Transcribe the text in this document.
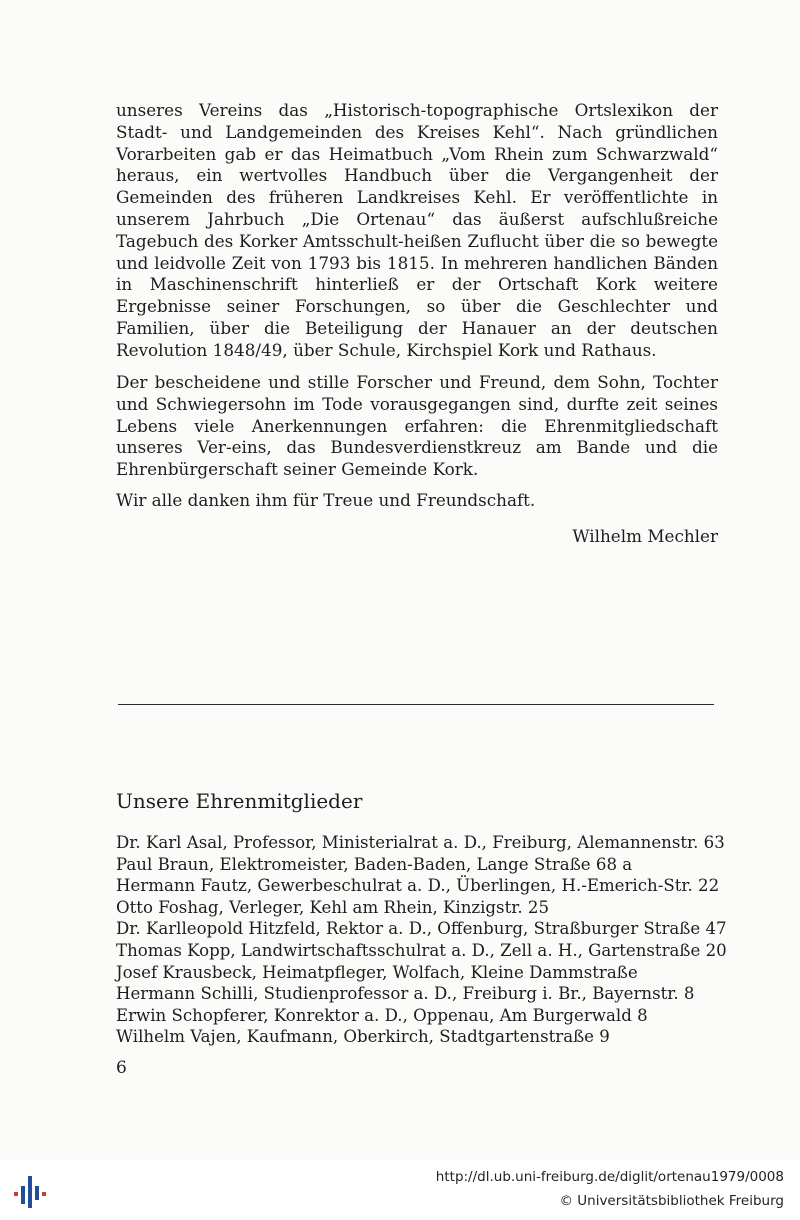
unseres Vereins das „Historisch-topographische Ortslexikon der Stadt- und Landgemeinden des Kreises Kehl“. Nach gründlichen Vorarbeiten gab er das Heimatbuch „Vom Rhein zum Schwarzwald“ heraus, ein wertvolles Handbuch über die Vergangenheit der Gemeinden des früheren Landkreises Kehl. Er veröffentlichte in unserem Jahrbuch „Die Ortenau“ das äußerst aufschlußreiche Tagebuch des Korker Amtsschult-heißen Zuflucht über die so bewegte und leidvolle Zeit von 1793 bis 1815. In mehreren handlichen Bänden in Maschinenschrift hinterließ er der Ortschaft Kork weitere Ergebnisse seiner Forschungen, so über die Geschlechter und Familien, über die Beteiligung der Hanauer an der deutschen Revolution 1848/49, über Schule, Kirchspiel Kork und Rathaus.

Der bescheidene und stille Forscher und Freund, dem Sohn, Tochter und Schwiegersohn im Tode vorausgegangen sind, durfte zeit seines Lebens viele Anerkennungen erfahren: die Ehrenmitgliedschaft unseres Ver-eins, das Bundesverdienstkreuz am Bande und die Ehrenbürgerschaft seiner Gemeinde Kork.

Wir alle danken ihm für Treue und Freundschaft.

Wilhelm Mechler

Unsere Ehrenmitglieder
Dr. Karl Asal, Professor, Ministerialrat a. D., Freiburg, Alemannenstr. 63
Paul Braun, Elektromeister, Baden-Baden, Lange Straße 68 a
Hermann Fautz, Gewerbeschulrat a. D., Überlingen, H.-Emerich-Str. 22
Otto Foshag, Verleger, Kehl am Rhein, Kinzigstr. 25
Dr. Karlleopold Hitzfeld, Rektor a. D., Offenburg, Straßburger Straße 47
Thomas Kopp, Landwirtschaftsschulrat a. D., Zell a. H., Gartenstraße 20
Josef Krausbeck, Heimatpfleger, Wolfach, Kleine Dammstraße
Hermann Schilli, Studienprofessor a. D., Freiburg i. Br., Bayernstr. 8
Erwin Schopferer, Konrektor a. D., Oppenau, Am Burgerwald 8
Wilhelm Vajen, Kaufmann, Oberkirch, Stadtgartenstraße 9

6

http://dl.ub.uni-freiburg.de/diglit/ortenau1979/0008
© Universitätsbibliothek Freiburg
